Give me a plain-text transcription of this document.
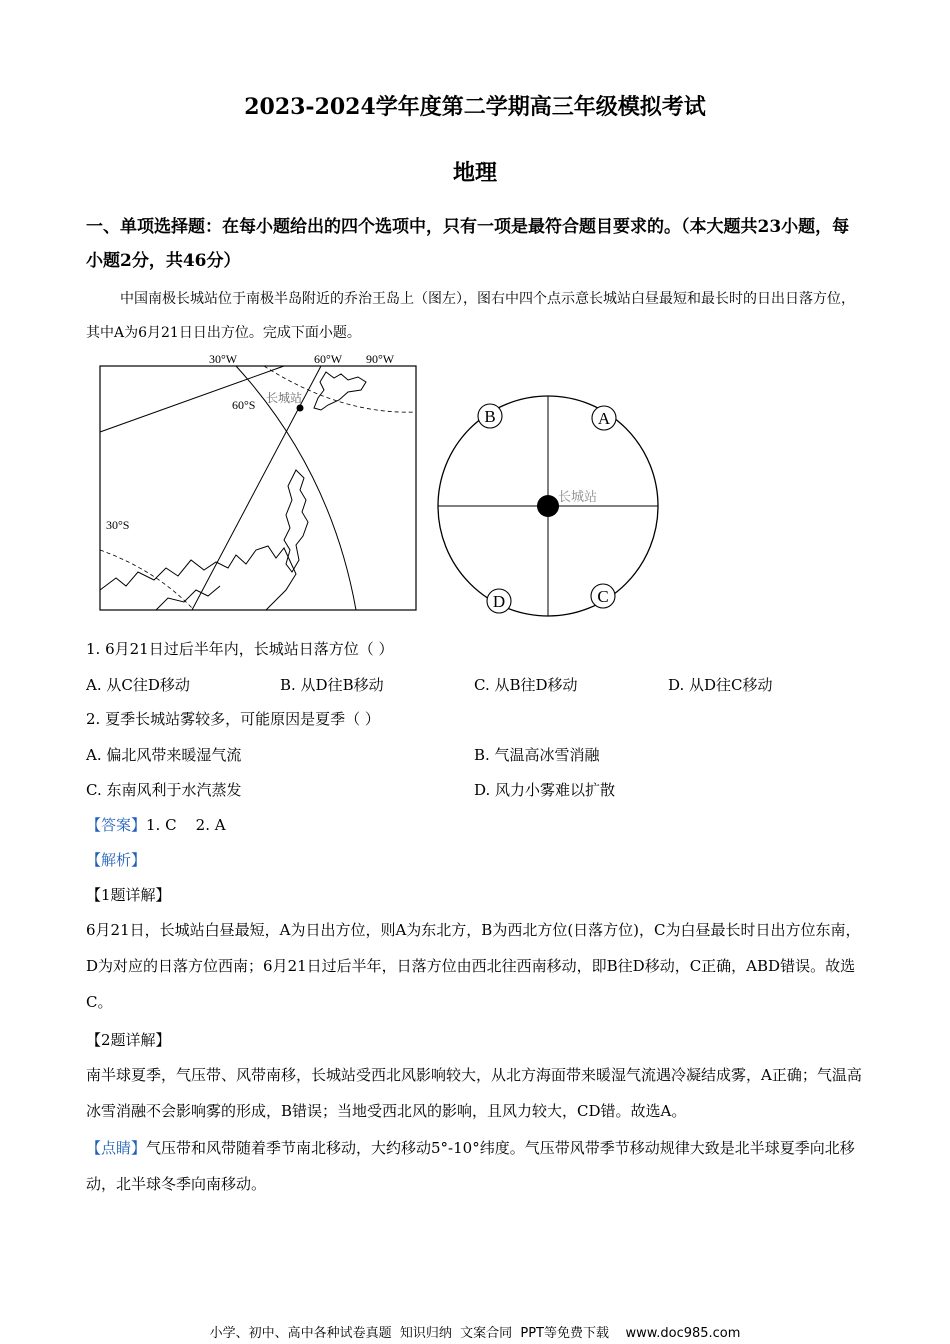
2023-2024学年度第二学期高三年级模拟考试
地理
一、单项选择题：在每小题给出的四个选项中，只有一项是最符合题目要求的。（本大题共23小题，每小题2分，共46分）
中国南极长城站位于南极半岛附近的乔治王岛上（图左），图右中四个点示意长城站白昼最短和最长时的日出日落方位，其中A为6月21日日出方位。完成下面小题。
30°W	60°W 90°W
60°S
30°S
长城站
长城站
B	A
D	C
1. 6月21日过后半年内，长城站日落方位（ ）
A. 从C往D移动	B. 从D往B移动	C. 从B往D移动	D. 从D往C移动
2. 夏季长城站雾较多，可能原因是夏季（ ）
A. 偏北风带来暖湿气流	B. 气温高冰雪消融
C. 东南风利于水汽蒸发	D. 风力小雾难以扩散
【答案】1. C    2. A
【解析】
【1题详解】
6月21日，长城站白昼最短，A为日出方位，则A为东北方，B为西北方位(日落方位)，C为白昼最长时日出方位东南，D为对应的日落方位西南；6月21日过后半年，日落方位由西北往西南移动，即B往D移动，C正确，ABD错误。故选C。
【2题详解】
南半球夏季，气压带、风带南移，长城站受西北风影响较大，从北方海面带来暖湿气流遇冷凝结成雾，A正确；气温高冰雪消融不会影响雾的形成，B错误；当地受西北风的影响，且风力较大，CD错。故选A。
【点睛】气压带和风带随着季节南北移动，大约移动5°-10°纬度。气压带风带季节移动规律大致是北半球夏季向北移动，北半球冬季向南移动。
小学、初中、高中各种试卷真题  知识归纳  文案合同  PPT等免费下载    www.doc985.com
